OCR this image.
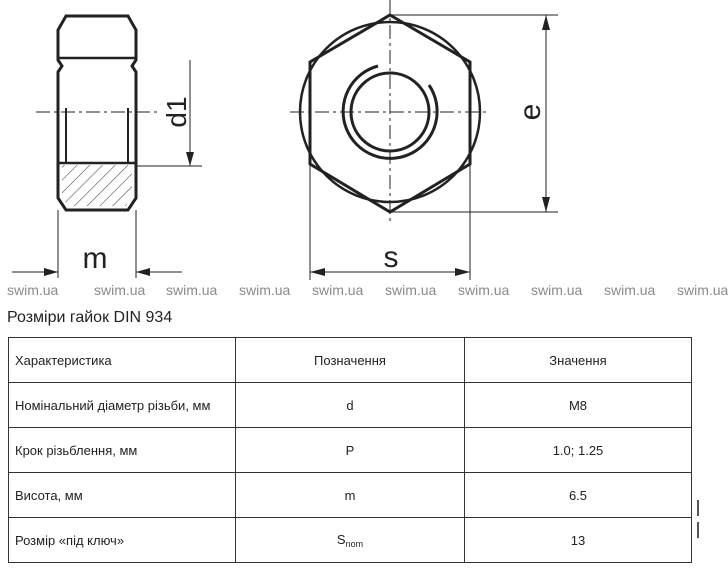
d1
m
e
s
swim.ua	swim.ua swim.ua swim.ua swim.ua swim.ua swim.ua swim.ua swim.ua swim.ua
Розміри гайок DIN 934
Характеристика	Позначення	Значення
Номінальний діаметр різьби, мм	d	М8
Крок різьблення, мм	P	1.0; 1.25
Висота, мм	m	6.5
Розмір «під ключ»	$S_{nom}$	13
